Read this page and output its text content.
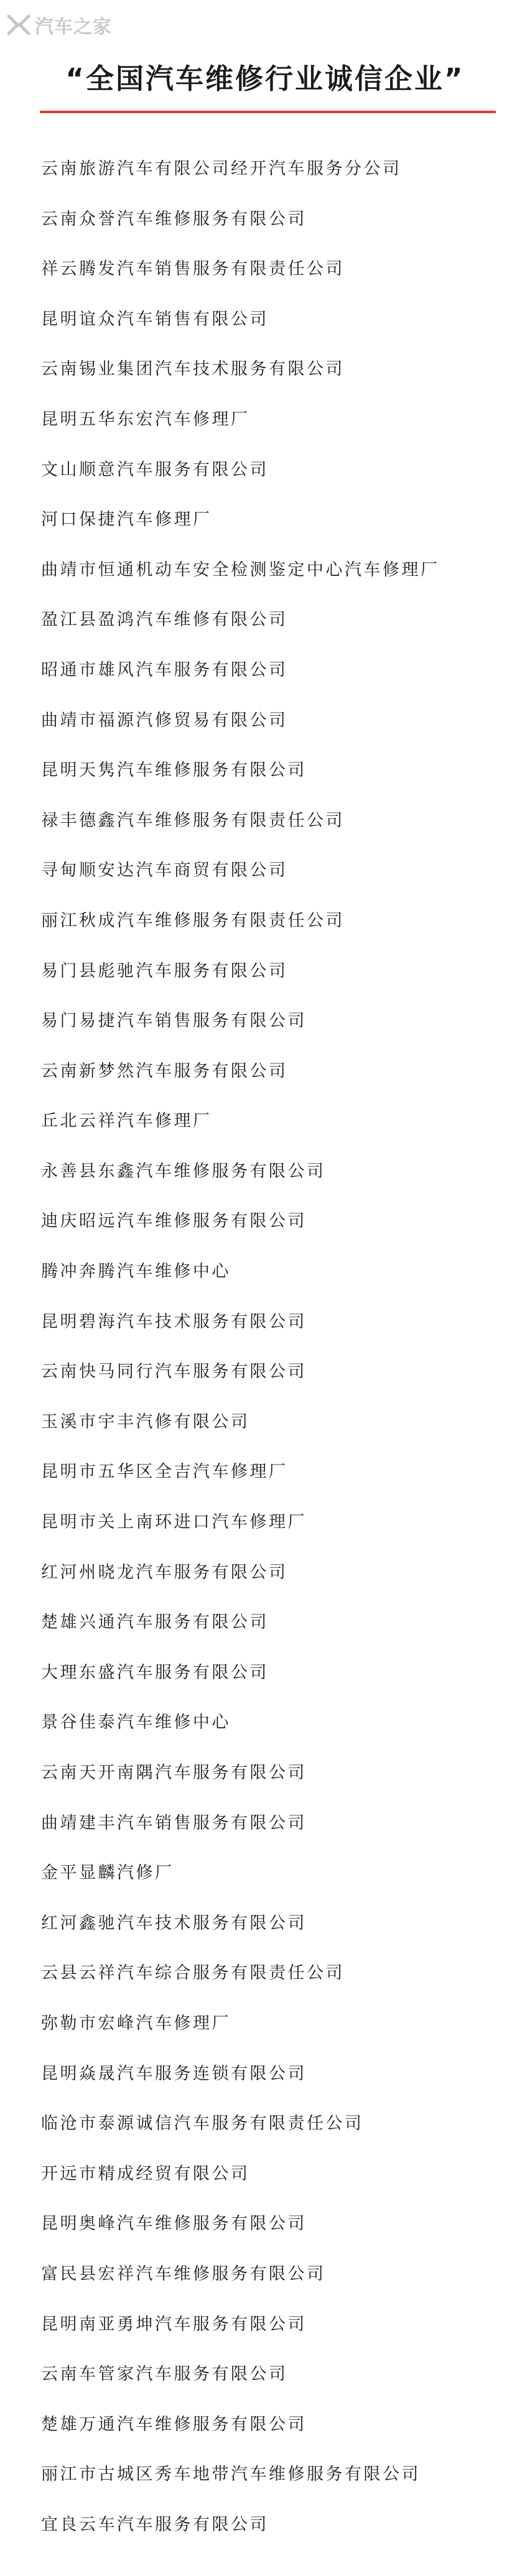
汽车之家
“全国汽车维修行业诚信企业”
云南旅游汽车有限公司经开汽车服务分公司
云南众誉汽车维修服务有限公司
祥云腾发汽车销售服务有限责任公司
昆明谊众汽车销售有限公司
云南锡业集团汽车技术服务有限公司
昆明五华东宏汽车修理厂
文山顺意汽车服务有限公司
河口保捷汽车修理厂
曲靖市恒通机动车安全检测鉴定中心汽车修理厂
盈江县盈鸿汽车维修有限公司
昭通市雄风汽车服务有限公司
曲靖市福源汽修贸易有限公司
昆明天隽汽车维修服务有限公司
禄丰德鑫汽车维修服务有限责任公司
寻甸顺安达汽车商贸有限公司
丽江秋成汽车维修服务有限责任公司
易门县彪驰汽车服务有限公司
易门易捷汽车销售服务有限公司
云南新梦然汽车服务有限公司
丘北云祥汽车修理厂
永善县东鑫汽车维修服务有限公司
迪庆昭远汽车维修服务有限公司
腾冲奔腾汽车维修中心
昆明碧海汽车技术服务有限公司
云南快马同行汽车服务有限公司
玉溪市宇丰汽修有限公司
昆明市五华区全吉汽车修理厂
昆明市关上南环进口汽车修理厂
红河州晓龙汽车服务有限公司
楚雄兴通汽车服务有限公司
大理东盛汽车服务有限公司
景谷佳泰汽车维修中心
云南天开南隅汽车服务有限公司
曲靖建丰汽车销售服务有限公司
金平显麟汽修厂
红河鑫驰汽车技术服务有限公司
云县云祥汽车综合服务有限责任公司
弥勒市宏峰汽车修理厂
昆明焱晟汽车服务连锁有限公司
临沧市泰源诚信汽车服务有限责任公司
开远市精成经贸有限公司
昆明奥峰汽车维修服务有限公司
富民县宏祥汽车维修服务有限公司
昆明南亚勇坤汽车服务有限公司
云南车管家汽车服务有限公司
楚雄万通汽车维修服务有限公司
丽江市古城区秀车地带汽车维修服务有限公司
宜良云车汽车服务有限公司
